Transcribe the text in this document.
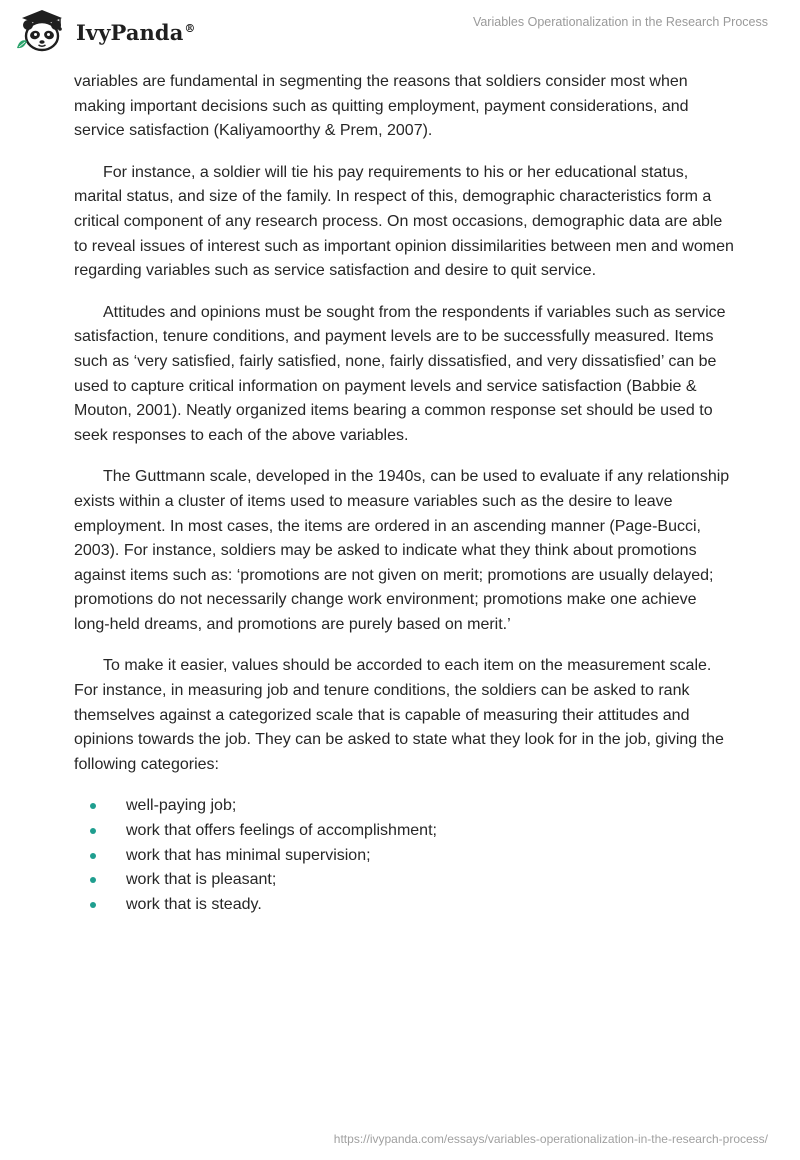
IvyPanda®	Variables Operationalization in the Research Process

variables are fundamental in segmenting the reasons that soldiers consider most when making important decisions such as quitting employment, payment considerations, and service satisfaction (Kaliyamoorthy & Prem, 2007).

For instance, a soldier will tie his pay requirements to his or her educational status, marital status, and size of the family. In respect of this, demographic characteristics form a critical component of any research process. On most occasions, demographic data are able to reveal issues of interest such as important opinion dissimilarities between men and women regarding variables such as service satisfaction and desire to quit service.

Attitudes and opinions must be sought from the respondents if variables such as service satisfaction, tenure conditions, and payment levels are to be successfully measured. Items such as ‘very satisfied, fairly satisfied, none, fairly dissatisfied, and very dissatisfied’ can be used to capture critical information on payment levels and service satisfaction (Babbie & Mouton, 2001). Neatly organized items bearing a common response set should be used to seek responses to each of the above variables.

The Guttmann scale, developed in the 1940s, can be used to evaluate if any relationship exists within a cluster of items used to measure variables such as the desire to leave employment. In most cases, the items are ordered in an ascending manner (Page-Bucci, 2003). For instance, soldiers may be asked to indicate what they think about promotions against items such as: ‘promotions are not given on merit; promotions are usually delayed; promotions do not necessarily change work environment; promotions make one achieve long-held dreams, and promotions are purely based on merit.’

To make it easier, values should be accorded to each item on the measurement scale. For instance, in measuring job and tenure conditions, the soldiers can be asked to rank themselves against a categorized scale that is capable of measuring their attitudes and opinions towards the job. They can be asked to state what they look for in the job, giving the following categories:

well-paying job;
work that offers feelings of accomplishment;
work that has minimal supervision;
work that is pleasant;
work that is steady.
https://ivypanda.com/essays/variables-operationalization-in-the-research-process/
